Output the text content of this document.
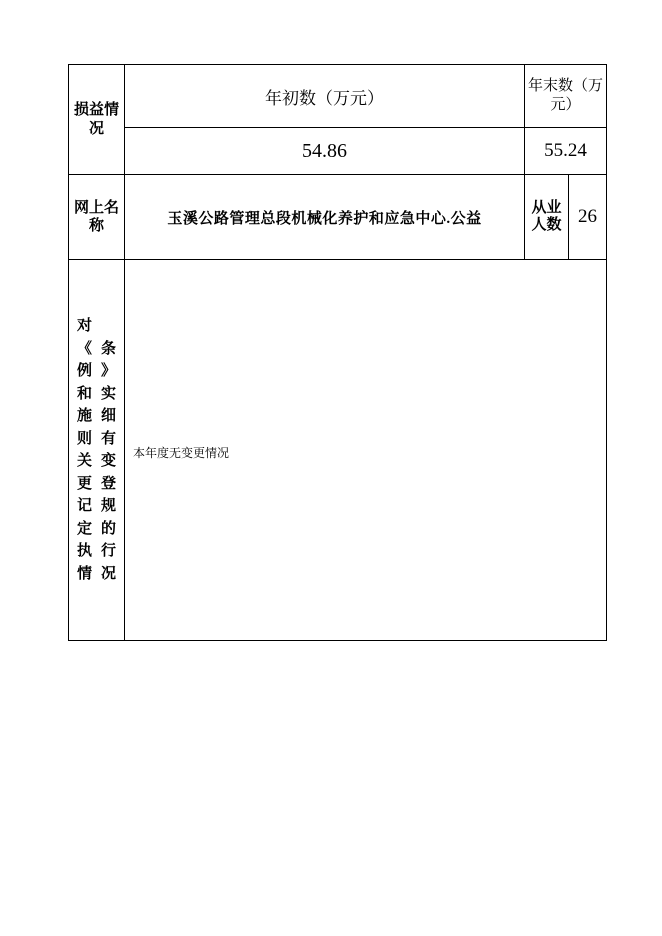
损益情况	年初数（万元）	年末数（万元）	

	54.86	55.24	

网上名称	玉溪公路管理总段机械化养护和应急中心.公益	从业人数	26

对《条例》和实施细则有关变更登记规定的执行情况	本年度无变更情况		
